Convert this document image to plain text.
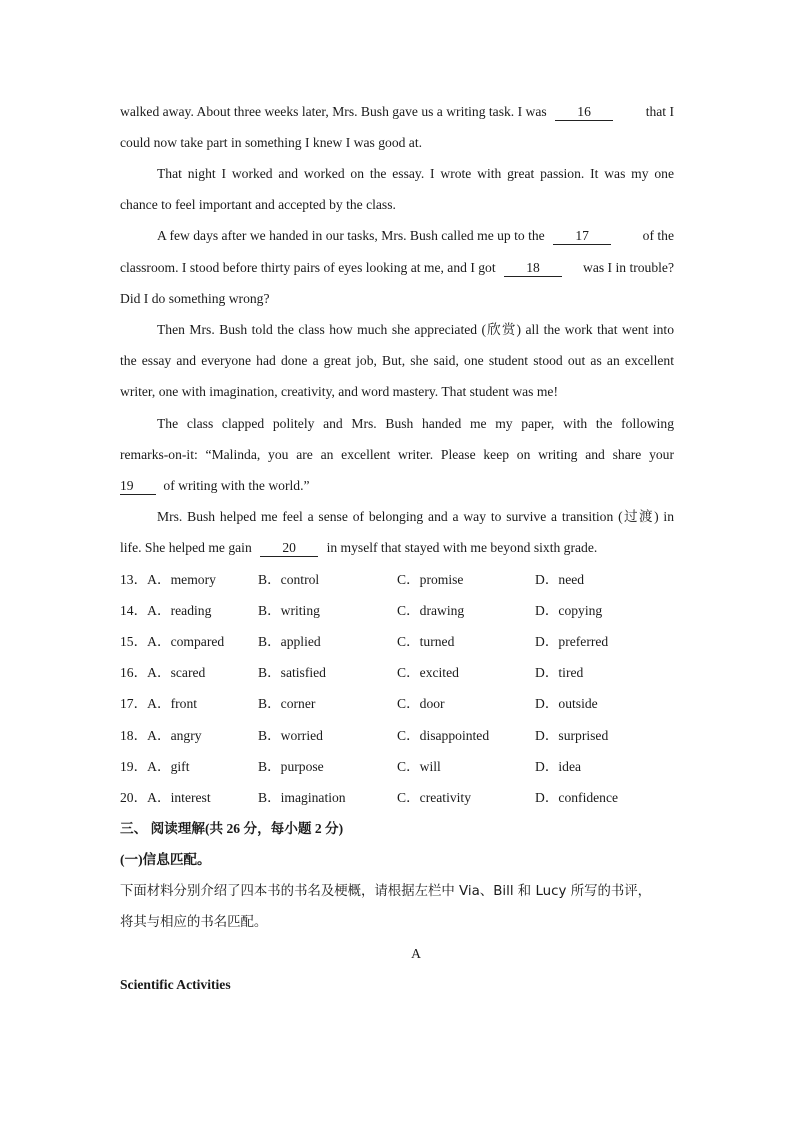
walked away. About three weeks later, Mrs. Bush gave us a writing task. I was 16	that I
could now take part in something I knew I was good at.
That night I worked and worked on the essay. I wrote with great passion. It was my one
chance to feel important and accepted by the class.
A few days after we handed in our tasks, Mrs. Bush called me up to the 17	of the
classroom. I stood before thirty pairs of eyes looking at me, and I got 18	was I in trouble?
Did I do something wrong?
Then Mrs. Bush told the class how much she appreciated (欣赏) all the work that went into
the essay and everyone had done a great job, But, she said, one student stood out as an excellent
writer, one with imagination, creativity, and word mastery. That student was me!
The class clapped politely and Mrs. Bush handed me my paper, with the following
remarks-on-it: “Malinda, you are an excellent writer. Please keep on writing and share your
19 of writing with the world.”
Mrs. Bush helped me feel a sense of belonging and a way to survive a transition (过渡) in
life. She helped me gain 20 in myself that stayed with me beyond sixth grade.
13．A．memory	B．control	C．promise	D．need
14．A．reading	B．writing	C．drawing	D．copying
15．A．compared B．applied	C．turned	D．preferred
16．A．scared	B．satisfied	C．excited	D．tired
17．A．front	B．corner	C．door	D．outside
18．A．angry	B．worried	C．disappointed	D．surprised
19．A．gift	B．purpose	C．will	D．idea
20．A．interest	B．imagination	C．creativity	D．confidence
三、 阅读理解(共 26 分，每小题 2 分)
(一)信息匹配。
下面材料分别介绍了四本书的书名及梗概，请根据左栏中 Via、Bill 和 Lucy 所写的书评，
将其与相应的书名匹配。
A
Scientific Activities
